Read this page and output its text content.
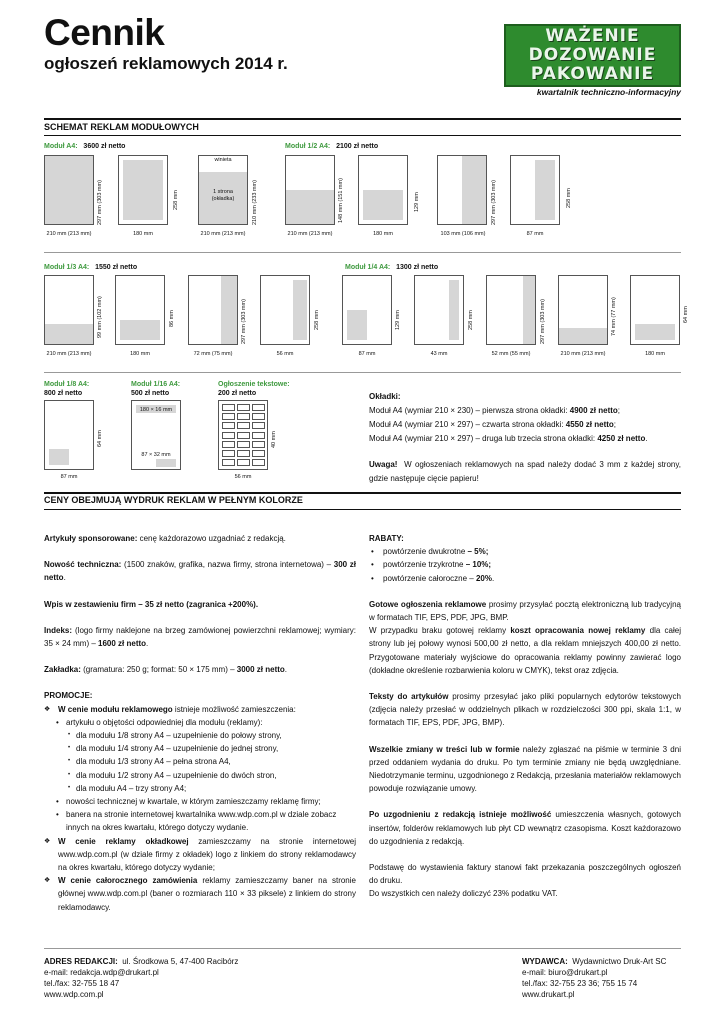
Cennik
ogłoszeń reklamowych 2014 r.
WAŻENIE
DOZOWANIE
PAKOWANIE
kwartalnik techniczno-informacyjny
SCHEMAT REKLAM MODUŁOWYCH
Moduł A4: 3600 zł netto	Moduł 1/2 A4: 2100 zł netto
297 mm (303 mm)
210 mm (213 mm)
258 mm
180 mm
winieta
1 strona (okładka)	210 mm (233 mm)
210 mm (213 mm)
148 mm (151 mm)
210 mm (213 mm)
129 mm
180 mm
297 mm (303 mm)
103 mm (106 mm)
258 mm
87 mm
Moduł 1/3 A4: 1550 zł netto	Moduł 1/4 A4: 1300 zł netto
99 mm (102 mm)
210 mm (213 mm)
86 mm
180 mm
297 mm (303 mm)
72 mm (75 mm)
258 mm
56 mm
129 mm
87 mm
258 mm
43 mm
297 mm (303 mm)
52 mm (55 mm)
74 mm (77 mm)
210 mm (213 mm)
64 mm
180 mm
Moduł 1/8 A4:
800 zł netto
Moduł 1/16 A4:
500 zł netto
Ogłoszenie tekstowe:
200 zł netto
64 mm
87 mm
180 × 16 mm
87 × 32 mm
40 mm
56 mm

Okładki:

Moduł A4 (wymiar 210 × 230) – pierwsza strona okładki: 4900 zł netto;

Moduł A4 (wymiar 210 × 297) – czwarta strona okładki: 4550 zł netto;

Moduł A4 (wymiar 210 × 297) – druga lub trzecia strona okładki: 4250 zł netto.

Uwaga! W ogłoszeniach reklamowych na spad należy dodać 3 mm z każdej strony, gdzie następuje cięcie papieru!

CENY OBEJMUJĄ WYDRUK REKLAM W PEŁNYM KOLORZE

Artykuły sponsorowane: cenę każdorazowo uzgadniać z redakcją.

Nowość techniczna: (1500 znaków, grafika, nazwa firmy, strona internetowa) – 300 zł netto.

Wpis w zestawieniu firm – 35 zł netto (zagranica +200%).

Indeks: (logo firmy naklejone na brzeg zamówionej powierzchni reklamowej; wymiary: 35 × 24 mm) – 1600 zł netto.

Zakładka: (gramatura: 250 g; format: 50 × 175 mm) – 3000 zł netto.

PROMOCJE:

❖ W cenie modułu reklamowego istnieje możliwość zamieszczenia:
• artykułu o objętości odpowiedniej dla modułu (reklamy):
• dla modułu 1/8 strony A4 – uzupełnienie do połowy strony,
• dla modułu 1/4 strony A4 – uzupełnienie do jednej strony,
• dla modułu 1/3 strony A4 – pełna strona A4,
• dla modułu 1/2 strony A4 – uzupełnienie do dwóch stron,
• dla modułu A4 – trzy strony A4;
• nowości technicznej w kwartale, w którym zamieszczamy reklamę firmy;
• banera na stronie internetowej kwartalnika www.wdp.com.pl w dziale zobacz
innych na okres kwartału, którego dotyczy wydanie.
❖ W cenie reklamy okładkowej zamieszczamy na stronie internetowej www.wdp.com.pl (w dziale firmy z okładek) logo z linkiem do strony reklamodawcy na okres kwartału, którego dotyczy wydanie;
❖ W cenie całorocznego zamówienia reklamy zamieszczamy baner na stronie głównej www.wdp.com.pl (baner o rozmiarach 110 × 33 piksele) z linkiem do strony reklamodawcy.

RABATY:

• powtórzenie dwukrotne – 5%;
• powtórzenie trzykrotne – 10%;
• powtórzenie całoroczne – 20%.

Gotowe ogłoszenia reklamowe prosimy przysyłać pocztą elektroniczną lub tradycyjną w formatach TIF, EPS, PDF, JPG, BMP.

W przypadku braku gotowej reklamy koszt opracowania nowej reklamy dla całej strony lub jej połowy wynosi 500,00 zł netto, a dla reklam mniejszych 400,00 zł netto. Przygotowane materiały wyjściowe do opracowania reklamy powinny zawierać logo (dokładne określenie rozbarwienia koloru w CMYK), tekst oraz zdjęcia.

Teksty do artykułów prosimy przesyłać jako pliki popularnych edytorów tekstowych (zdjęcia należy przesłać w oddzielnych plikach w rozdzielczości 300 ppi, skala 1:1, w formatach TIF, EPS, PDF, JPG, BMP).

Wszelkie zmiany w treści lub w formie należy zgłaszać na piśmie w terminie 3 dni przed oddaniem wydania do druku. Po tym terminie zmiany nie będą uwzględniane. Niedotrzymanie terminu, uzgodnionego z Redakcją, przesłania materiałów reklamowych powoduje rozwiązanie umowy.

Po uzgodnieniu z redakcją istnieje możliwość umieszczenia własnych, gotowych insertów, folderów reklamowych lub płyt CD wewnątrz czasopisma. Koszt każdorazowo do uzgodnienia z redakcją.

Podstawę do wystawienia faktury stanowi fakt przekazania poszczególnych ogłoszeń do druku.

Do wszystkich cen należy doliczyć 23% podatku VAT.

ADRES REDAKCJI: ul. Środkowa 5, 47-400 Racibórz
e-mail: redakcja.wdp@drukart.pl
tel./fax: 32-755 18 47
www.wdp.com.pl
WYDAWCA: Wydawnictwo Druk-Art SC
e-mail: biuro@drukart.pl
tel./fax: 32-755 23 36; 755 15 74
www.drukart.pl
